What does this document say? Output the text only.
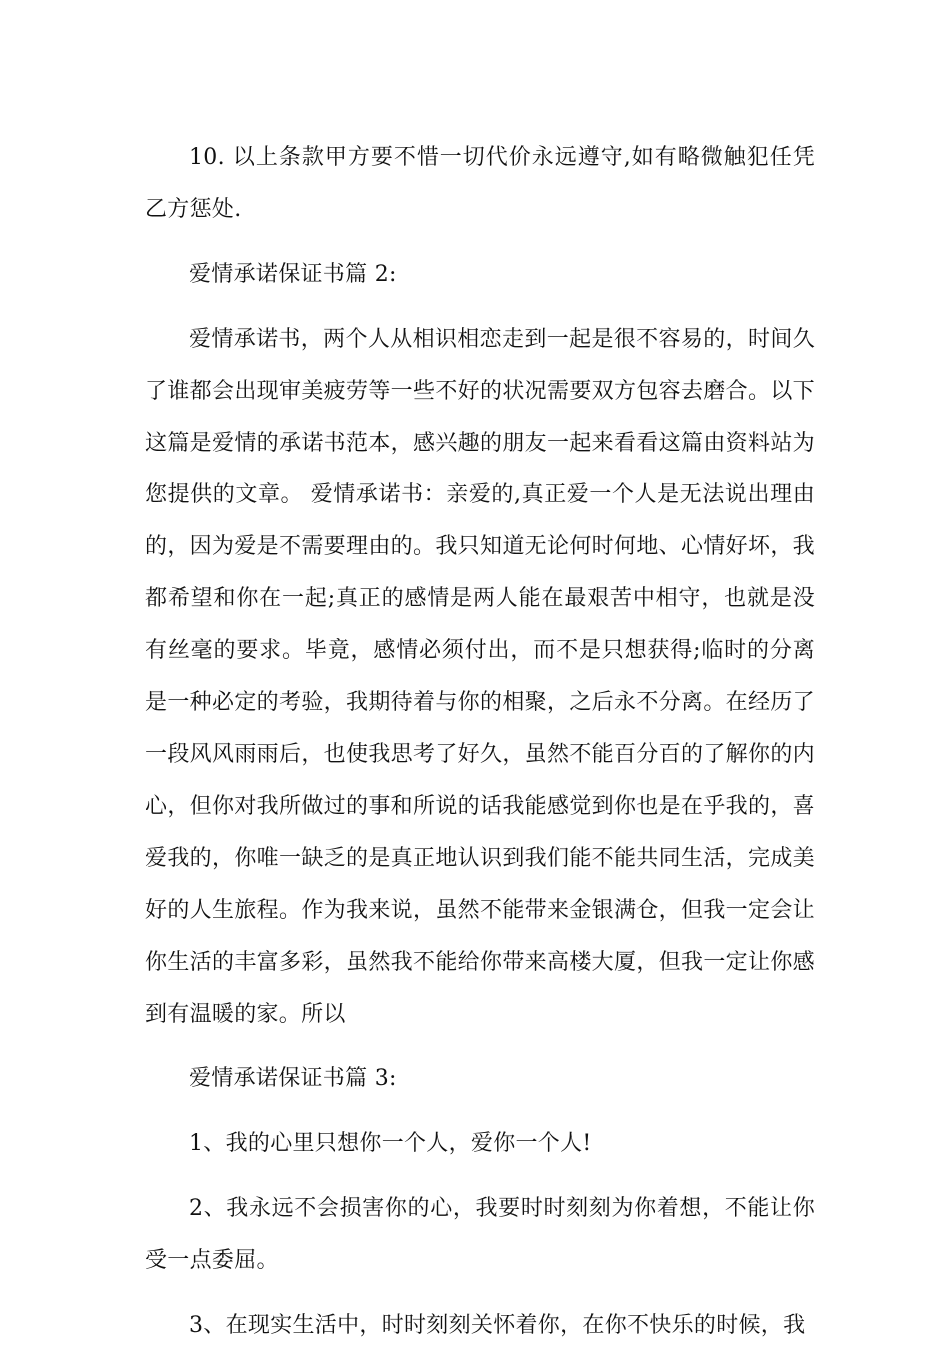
10. 以上条款甲方要不惜一切代价永远遵守,如有略微触犯任凭乙方惩处.

爱情承诺保证书篇 2:

爱情承诺书，两个人从相识相恋走到一起是很不容易的，时间久了谁都会出现审美疲劳等一些不好的状况需要双方包容去磨合。以下这篇是爱情的承诺书范本，感兴趣的朋友一起来看看这篇由资料站为您提供的文章。 爱情承诺书：亲爱的,真正爱一个人是无法说出理由的，因为爱是不需要理由的。我只知道无论何时何地、心情好坏，我都希望和你在一起;真正的感情是两人能在最艰苦中相守，也就是没有丝毫的要求。毕竟，感情必须付出，而不是只想获得;临时的分离是一种必定的考验，我期待着与你的相聚，之后永不分离。在经历了一段风风雨雨后，也使我思考了好久，虽然不能百分百的了解你的内心，但你对我所做过的事和所说的话我能感觉到你也是在乎我的，喜爱我的，你唯一缺乏的是真正地认识到我们能不能共同生活，完成美好的人生旅程。作为我来说，虽然不能带来金银满仓，但我一定会让你生活的丰富多彩，虽然我不能给你带来高楼大厦，但我一定让你感到有温暖的家。所以

爱情承诺保证书篇 3:

1、我的心里只想你一个人，爱你一个人!

2、我永远不会损害你的心，我要时时刻刻为你着想，不能让你受一点委屈。

3、在现实生活中，时时刻刻关怀着你，在你不快乐的时候，我
